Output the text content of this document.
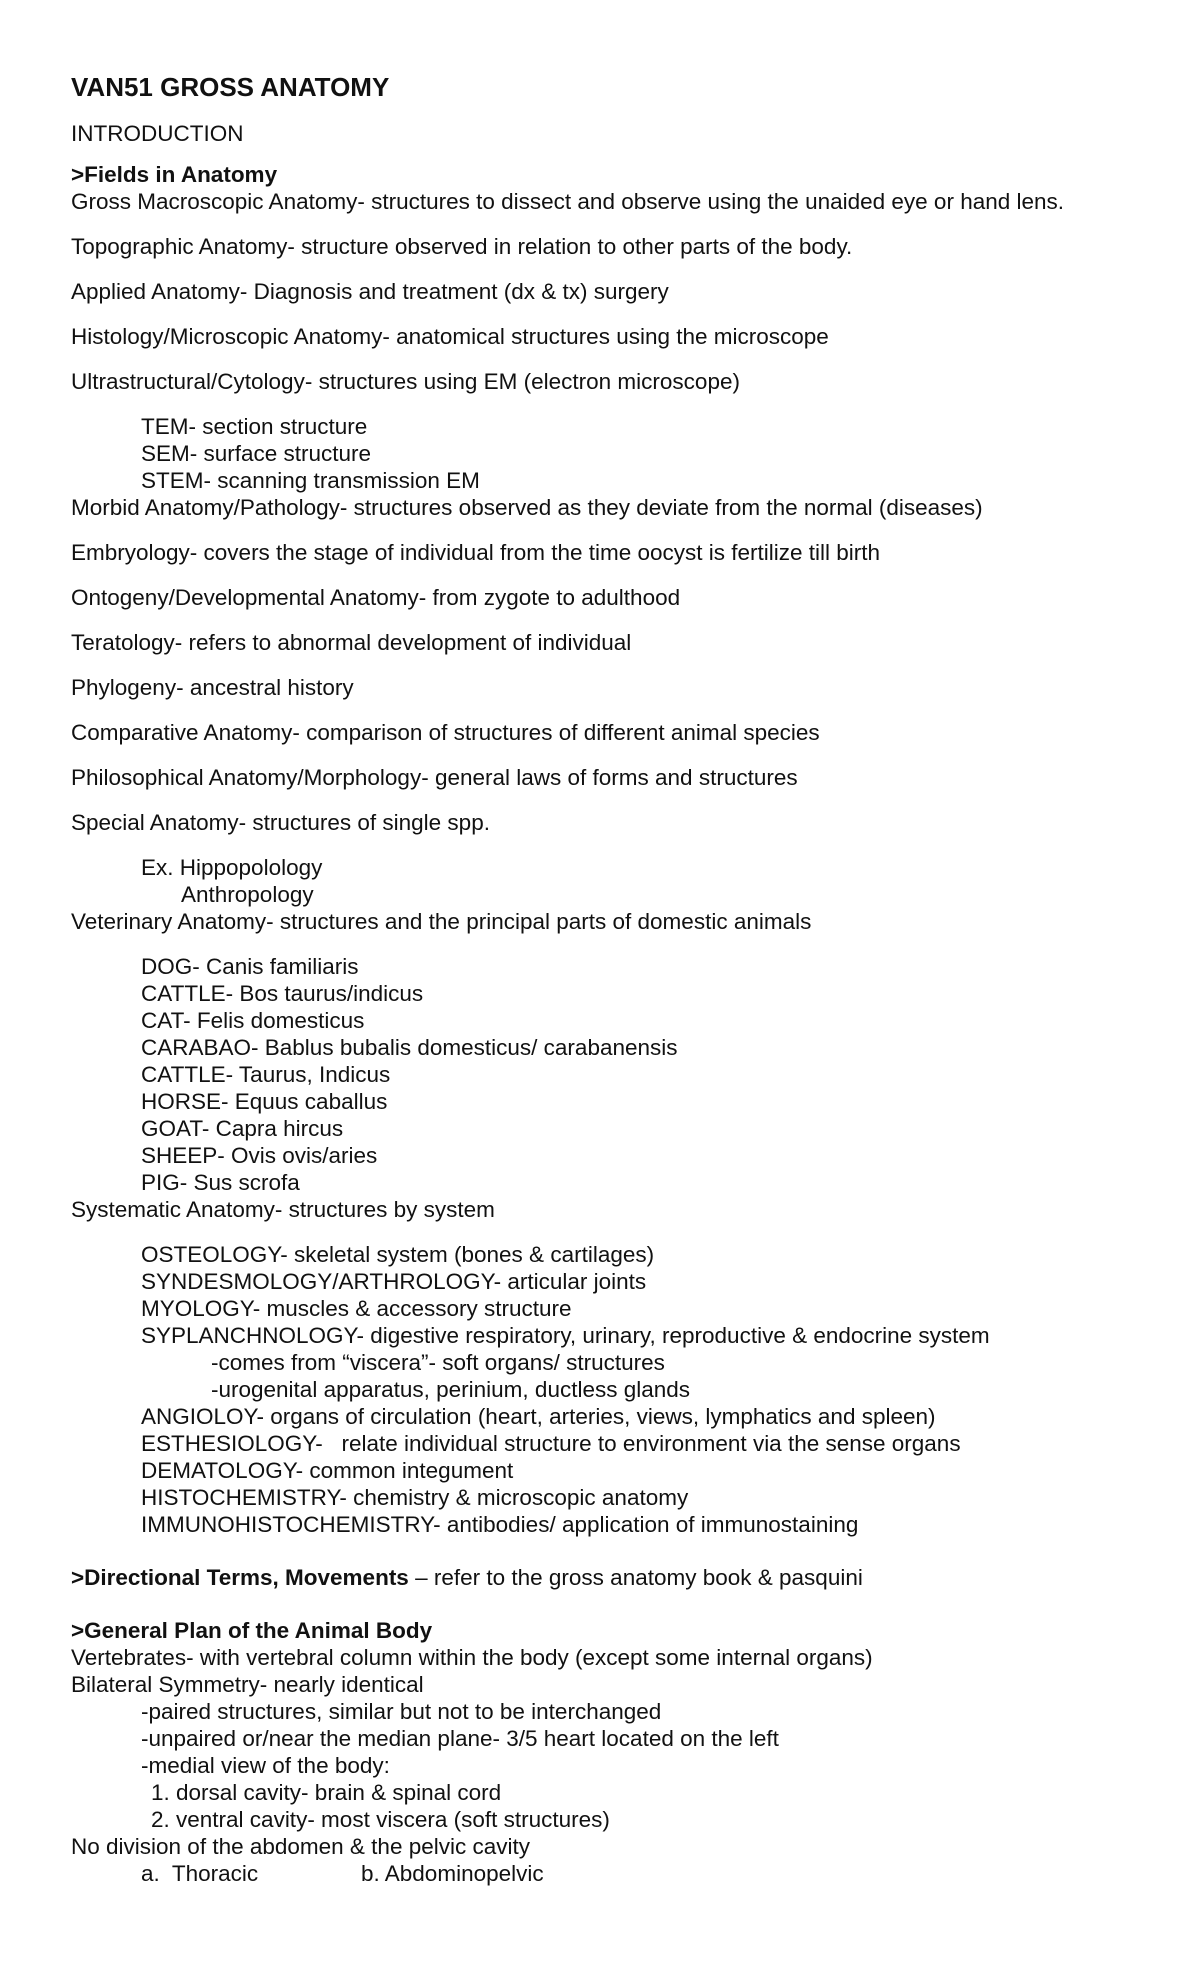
VAN51 GROSS ANATOMY
INTRODUCTION
>Fields in Anatomy
Gross Macroscopic Anatomy- structures to dissect and observe using the unaided eye or hand lens.
Topographic Anatomy- structure observed in relation to other parts of the body.
Applied Anatomy- Diagnosis and treatment (dx & tx) surgery
Histology/Microscopic Anatomy- anatomical structures using the microscope
Ultrastructural/Cytology- structures using EM (electron microscope)
TEM- section structure
SEM- surface structure
STEM- scanning transmission EM
Morbid Anatomy/Pathology- structures observed as they deviate from the normal (diseases)
Embryology- covers the stage of individual from the time oocyst is fertilize till birth
Ontogeny/Developmental Anatomy- from zygote to adulthood
Teratology- refers to abnormal development of individual
Phylogeny- ancestral history
Comparative Anatomy- comparison of structures of different animal species
Philosophical Anatomy/Morphology- general laws of forms and structures
Special Anatomy- structures of single spp.
Ex. Hippopolology
Anthropology
Veterinary Anatomy- structures and the principal parts of domestic animals
DOG- Canis familiaris
CATTLE- Bos taurus/indicus
CAT- Felis domesticus
CARABAO- Bablus bubalis domesticus/ carabanensis
CATTLE- Taurus, Indicus
HORSE- Equus caballus
GOAT- Capra hircus
SHEEP- Ovis ovis/aries
PIG- Sus scrofa
Systematic Anatomy- structures by system
OSTEOLOGY- skeletal system (bones & cartilages)
SYNDESMOLOGY/ARTHROLOGY- articular joints
MYOLOGY- muscles & accessory structure
SYPLANCHNOLOGY- digestive respiratory, urinary, reproductive & endocrine system
-comes from “viscera”- soft organs/ structures
-urogenital apparatus, perinium, ductless glands
ANGIOLOY- organs of circulation (heart, arteries, views, lymphatics and spleen)
ESTHESIOLOGY-   relate individual structure to environment via the sense organs
DEMATOLOGY- common integument
HISTOCHEMISTRY- chemistry & microscopic anatomy
IMMUNOHISTOCHEMISTRY- antibodies/ application of immunostaining
>Directional Terms, Movements – refer to the gross anatomy book & pasquini
>General Plan of the Animal Body
Vertebrates- with vertebral column within the body (except some internal organs)
Bilateral Symmetry- nearly identical
-paired structures, similar but not to be interchanged
-unpaired or/near the median plane- 3/5 heart located on the left
-medial view of the body:
1. dorsal cavity- brain & spinal cord
2. ventral cavity- most viscera (soft structures)
No division of the abdomen & the pelvic cavity
a.  Thoracic	b. Abdominopelvic
